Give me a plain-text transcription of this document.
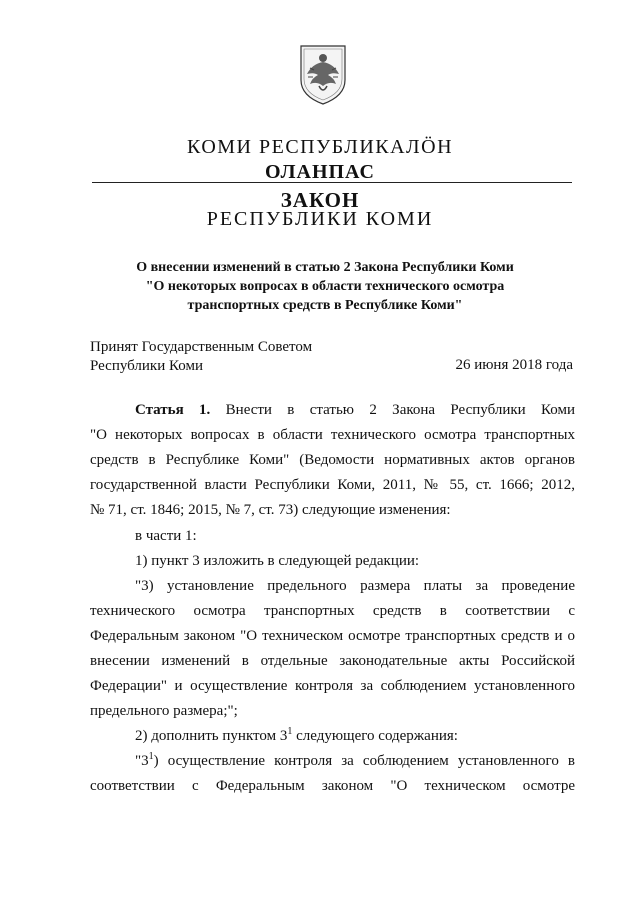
КОМИ РЕСПУБЛИКАЛÖН
ОЛАНПАС
ЗАКОН
РЕСПУБЛИКИ КОМИ
О внесении изменений в статью 2 Закона Республики Коми
"О некоторых вопросах в области технического осмотра
транспортных средств в Республике Коми"
Принят Государственным Советом
Республики Коми	26 июня 2018 года
Статья 1. Внести в статью 2 Закона Республики Коми
"О некоторых вопросах в области технического осмотра транспортных
средств в Республике Коми" (Ведомости нормативных актов органов
государственной власти Республики Коми, 2011, № 55, ст. 1666; 2012,
№ 71, ст. 1846; 2015, № 7, ст. 73) следующие изменения:
в части 1:
1) пункт 3 изложить в следующей редакции:
"3) установление предельного размера платы за проведение
технического осмотра транспортных средств в соответствии с
Федеральным законом "О техническом осмотре транспортных средств и о
внесении изменений в отдельные законодательные акты Российской
Федерации" и осуществление контроля за соблюдением установленного
предельного размера;";
2) дополнить пунктом $3^1$ следующего содержания:
"$3^1$) осуществление контроля за соблюдением установленного в
соответствии с Федеральным законом "О техническом осмотре
